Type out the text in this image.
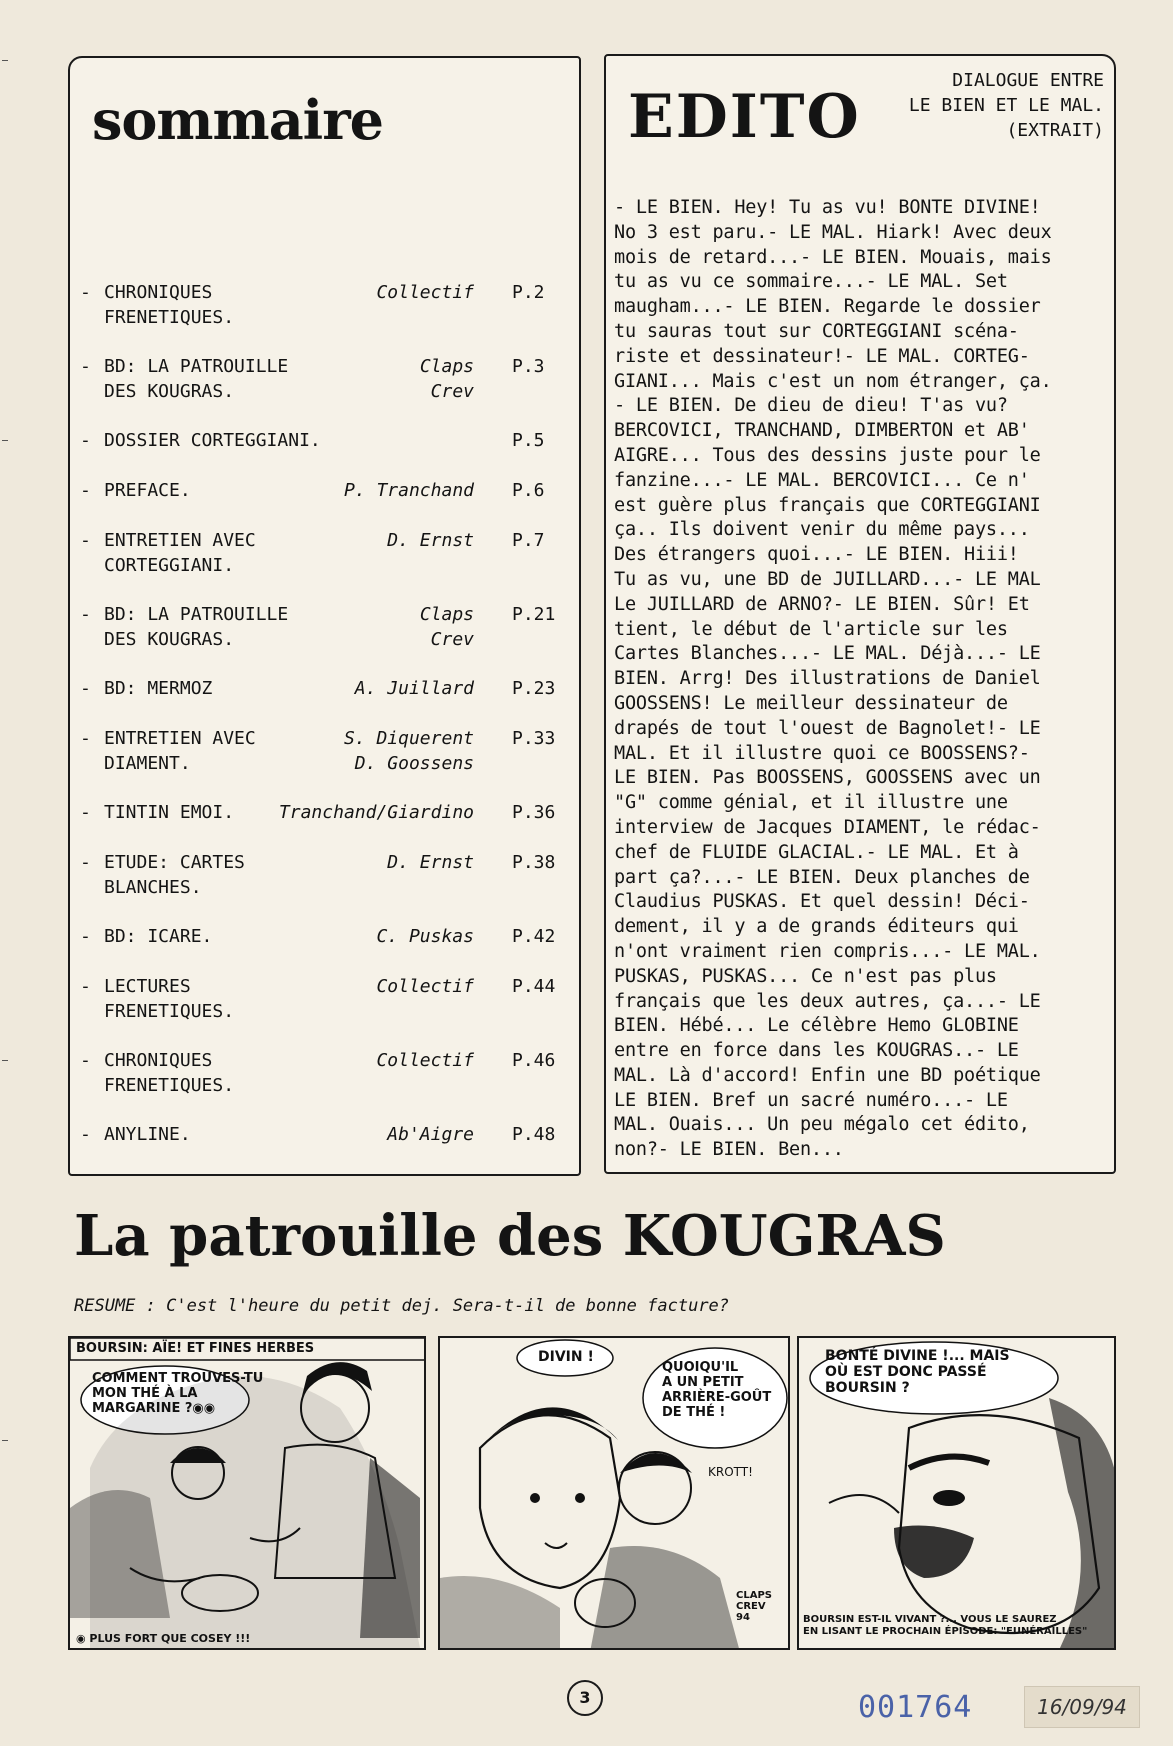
sommaire
- CHRONIQUES
FRENETIQUES.
Collectif P.2
- BD: LA PATROUILLE
DES KOUGRAS.
Claps
Crev
P.3
- DOSSIER CORTEGGIANI.	P.5
- PREFACE.	P. Tranchand P.6
- ENTRETIEN AVEC
CORTEGGIANI.
D. Ernst P.7
- BD: LA PATROUILLE
DES KOUGRAS.
Claps
Crev
P.21
- BD: MERMOZ	A. Juillard P.23
- ENTRETIEN AVEC
DIAMENT.
S. Diquerent
D. Goossens
P.33
- TINTIN EMOI.	Tranchand/Giardino P.36
- ETUDE: CARTES
BLANCHES.
D. Ernst P.38
- BD: ICARE.	C. Puskas P.42
- LECTURES
FRENETIQUES.
Collectif P.44
- CHRONIQUES
FRENETIQUES.
Collectif P.46
- ANYLINE.	Ab'Aigre P.48
EDITO
DIALOGUE ENTRE
LE BIEN ET LE MAL.
(EXTRAIT)
- LE BIEN. Hey! Tu as vu! BONTE DIVINE!
No 3 est paru.- LE MAL. Hiark! Avec deux
mois de retard...- LE BIEN. Mouais, mais
tu as vu ce sommaire...- LE MAL. Set
maugham...- LE BIEN. Regarde le dossier
tu sauras tout sur CORTEGGIANI scéna-
riste et dessinateur!- LE MAL. CORTEG-
GIANI... Mais c'est un nom étranger, ça.
- LE BIEN. De dieu de dieu! T'as vu?
BERCOVICI, TRANCHAND, DIMBERTON et AB'
AIGRE... Tous des dessins juste pour le
fanzine...- LE MAL. BERCOVICI... Ce n'
est guère plus français que CORTEGGIANI
ça.. Ils doivent venir du même pays...
Des étrangers quoi...- LE BIEN. Hiii!
Tu as vu, une BD de JUILLARD...- LE MAL
Le JUILLARD de ARNO?- LE BIEN. Sûr! Et
tient, le début de l'article sur les
Cartes Blanches...- LE MAL. Déjà...- LE
BIEN. Arrg! Des illustrations de Daniel
GOOSSENS! Le meilleur dessinateur de
drapés de tout l'ouest de Bagnolet!- LE
MAL. Et il illustre quoi ce BOOSSENS?-
LE BIEN. Pas BOOSSENS, GOOSSENS avec un
"G" comme génial, et il illustre une
interview de Jacques DIAMENT, le rédac-
chef de FLUIDE GLACIAL.- LE MAL. Et à
part ça?...- LE BIEN. Deux planches de
Claudius PUSKAS. Et quel dessin! Déci-
dement, il y a de grands éditeurs qui
n'ont vraiment rien compris...- LE MAL.
PUSKAS, PUSKAS... Ce n'est pas plus
français que les deux autres, ça...- LE
BIEN. Hébé... Le célèbre Hemo GLOBINE
entre en force dans les KOUGRAS..- LE
MAL. Là d'accord! Enfin une BD poétique
LE BIEN. Bref un sacré numéro...- LE
MAL. Ouais... Un peu mégalo cet édito,
non?- LE BIEN. Ben...
La patrouille des KOUGRAS
RESUME : C'est l'heure du petit dej. Sera-t-il de bonne facture?
BOURSIN: AÏE! ET FINES HERBES
COMMENT TROUVES-TU
MON THÉ À LA
MARGARINE ?◉◉
◉ PLUS FORT QUE COSEY !!!
DIVIN !
QUOIQU'IL
A UN PETIT
ARRIÈRE-GOÛT
DE THÉ !
KROTT!
CLAPS
CREV
94
BONTÉ DIVINE !... MAIS
OÙ EST DONC PASSÉ
BOURSIN ?
BOURSIN EST-IL VIVANT ?... VOUS LE SAUREZ
EN LISANT LE PROCHAIN ÉPISODE: "FUNÉRAILLES"
3	001764	16/09/94
